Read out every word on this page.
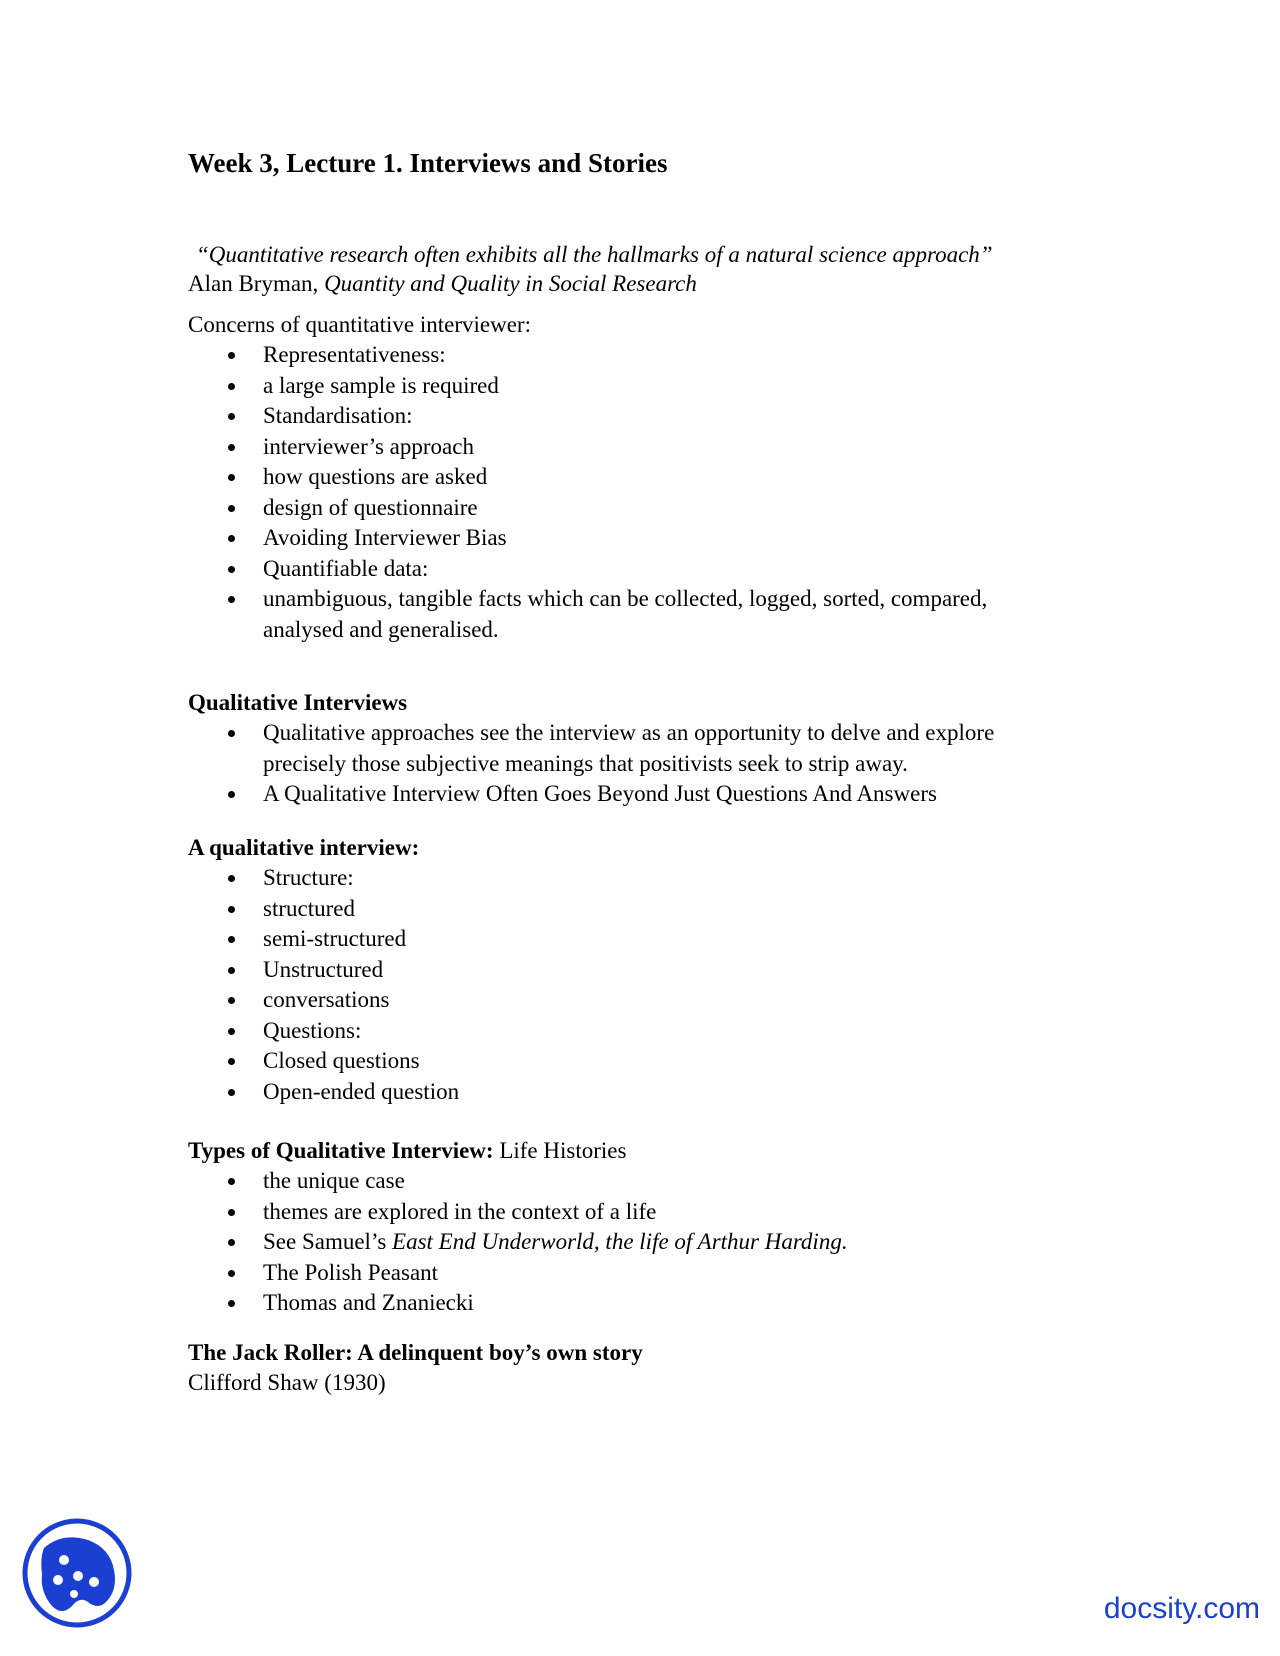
Week 3, Lecture 1. Interviews and Stories
“Quantitative research often exhibits all the hallmarks of a natural science approach”
Alan Bryman, Quantity and Quality in Social Research
Concerns of quantitative interviewer:
Representativeness:
a large sample is required
Standardisation:
interviewer’s approach
how questions are asked
design of questionnaire
Avoiding Interviewer Bias
Quantifiable data:
unambiguous, tangible facts which can be collected, logged, sorted, compared, analysed and generalised.
Qualitative Interviews
Qualitative approaches see the interview as an opportunity to delve and explore precisely those subjective meanings that positivists seek to strip away.
A Qualitative Interview Often Goes Beyond Just Questions And Answers
A qualitative interview:
Structure:
structured
semi-structured
Unstructured
conversations
Questions:
Closed questions
Open-ended question
Types of Qualitative Interview: Life Histories
the unique case
themes are explored in the context of a life
See Samuel’s East End Underworld, the life of Arthur Harding.
The Polish Peasant
Thomas and Znaniecki
The Jack Roller: A delinquent boy’s own story
Clifford Shaw (1930)
docsity.com
